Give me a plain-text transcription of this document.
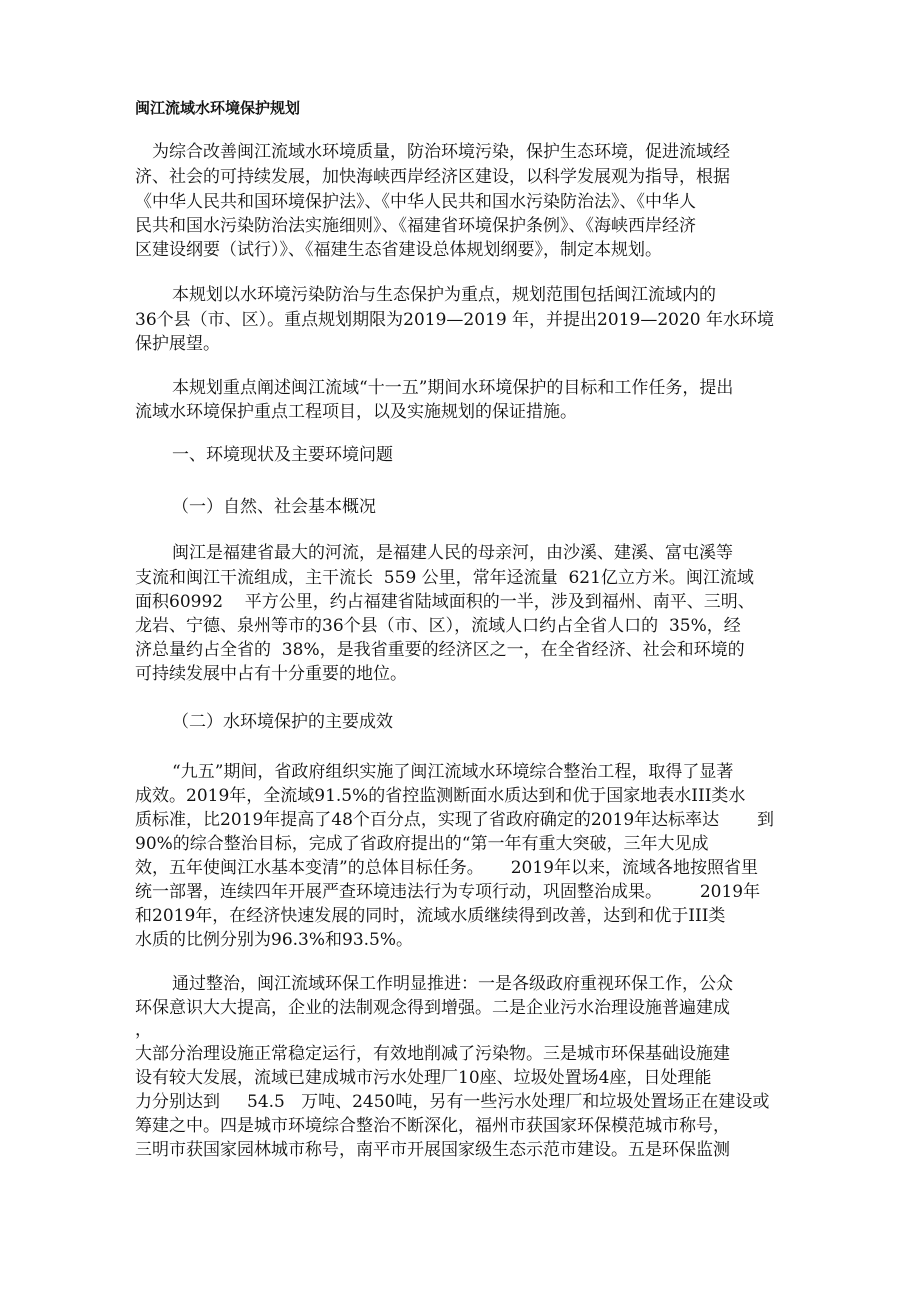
闽江流域水环境保护规划
为综合改善闽江流域水环境质量，防治环境污染，保护生态环境，促进流域经
济、社会的可持续发展，加快海峡西岸经济区建设，以科学发展观为指导，根据
《中华人民共和国环境保护法》、《中华人民共和国水污染防治法》、《中华人
民共和国水污染防治法实施细则》、《福建省环境保护条例》、《海峡西岸经济
区建设纲要（试行）》、《福建生态省建设总体规划纲要》，制定本规划。
本规划以水环境污染防治与生态保护为重点，规划范围包括闽江流域内的
36个县（市、区）。重点规划期限为2019—2019 年，并提出2019—2020 年水环境
保护展望。
本规划重点阐述闽江流域“十一五”期间水环境保护的目标和工作任务，提出
流域水环境保护重点工程项目，以及实施规划的保证措施。
一、环境现状及主要环境问题
（一）自然、社会基本概况
闽江是福建省最大的河流，是福建人民的母亲河，由沙溪、建溪、富屯溪等
支流和闽江干流组成，主干流长  559 公里，常年迳流量  621亿立方米。闽江流域
面积60992    平方公里，约占福建省陆域面积的一半，涉及到福州、南平、三明、
龙岩、宁德、泉州等市的36个县（市、区），流域人口约占全省人口的  35%，经
济总量约占全省的  38%，是我省重要的经济区之一，在全省经济、社会和环境的
可持续发展中占有十分重要的地位。
（二）水环境保护的主要成效
“九五”期间，省政府组织实施了闽江流域水环境综合整治工程，取得了显著
成效。2019年，全流域91.5%的省控监测断面水质达到和优于国家地表水III类水
质标准，比2019年提高了48个百分点，实现了省政府确定的2019年达标率达       到
90%的综合整治目标，完成了省政府提出的“第一年有重大突破，三年大见成
效，五年使闽江水基本变清”的总体目标任务。     2019年以来，流域各地按照省里
统一部署，连续四年开展严查环境违法行为专项行动，巩固整治成果。       2019年
和2019年，在经济快速发展的同时，流域水质继续得到改善，达到和优于III类
水质的比例分别为96.3%和93.5%。
通过整治，闽江流域环保工作明显推进：一是各级政府重视环保工作，公众
环保意识大大提高，企业的法制观念得到增强。二是企业污水治理设施普遍建成
，
大部分治理设施正常稳定运行，有效地削减了污染物。三是城市环保基础设施建
设有较大发展，流域已建成城市污水处理厂10座、垃圾处置场4座，日处理能
力分别达到     54.5   万吨、2450吨，另有一些污水处理厂和垃圾处置场正在建设或
筹建之中。四是城市环境综合整治不断深化，福州市获国家环保模范城市称号，
三明市获国家园林城市称号，南平市开展国家级生态示范市建设。五是环保监测
